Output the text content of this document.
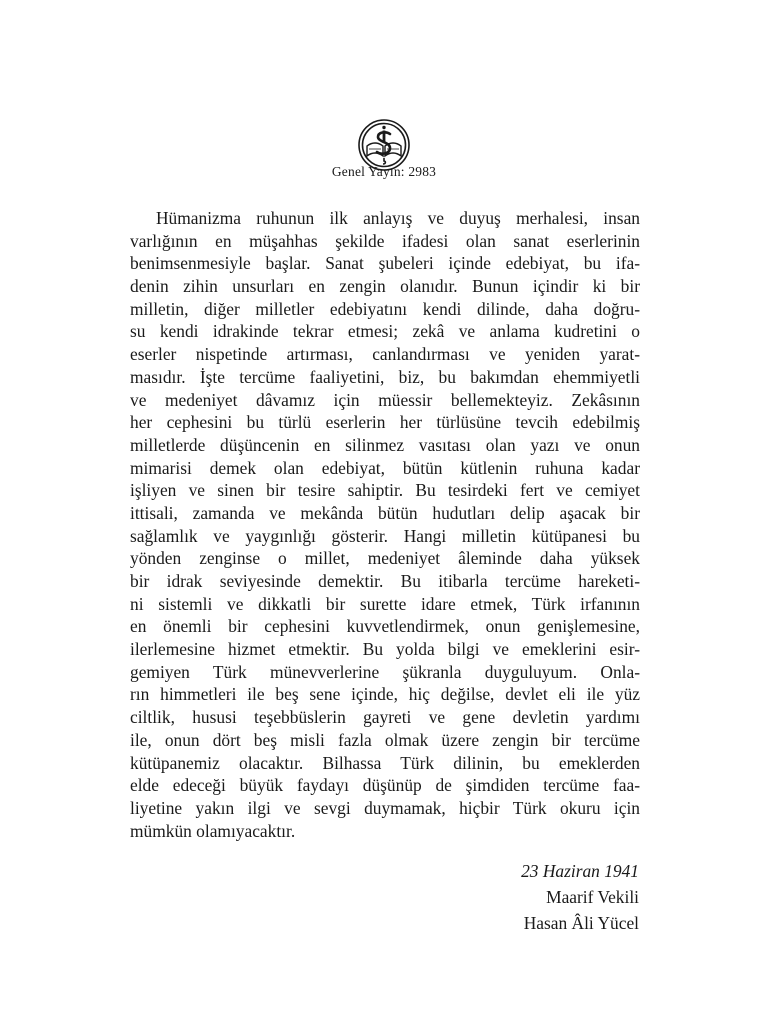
Genel Yayın: 2983
Hümanizma ruhunun ilk anlayış ve duyuş merhalesi, insan
varlığının en müşahhas şekilde ifadesi olan sanat eserlerinin
benimsenmesiyle başlar. Sanat şubeleri içinde edebiyat, bu ifa-
denin zihin unsurları en zengin olanıdır. Bunun içindir ki bir
milletin, diğer milletler edebiyatını kendi dilinde, daha doğru-
su kendi idrakinde tekrar etmesi; zekâ ve anlama kudretini o
eserler nispetinde artırması, canlandırması ve yeniden yarat-
masıdır. İşte tercüme faaliyetini, biz, bu bakımdan ehemmiyetli
ve medeniyet dâvamız için müessir bellemekteyiz. Zekâsının
her cephesini bu türlü eserlerin her türlüsüne tevcih edebilmiş
milletlerde düşüncenin en silinmez vasıtası olan yazı ve onun
mimarisi demek olan edebiyat, bütün kütlenin ruhuna kadar
işliyen ve sinen bir tesire sahiptir. Bu tesirdeki fert ve cemiyet
ittisali, zamanda ve mekânda bütün hudutları delip aşacak bir
sağlamlık ve yaygınlığı gösterir. Hangi milletin kütüpanesi bu
yönden zenginse o millet, medeniyet âleminde daha yüksek
bir idrak seviyesinde demektir. Bu itibarla tercüme hareketi-
ni sistemli ve dikkatli bir surette idare etmek, Türk irfanının
en önemli bir cephesini kuvvetlendirmek, onun genişlemesine,
ilerlemesine hizmet etmektir. Bu yolda bilgi ve emeklerini esir-
gemiyen Türk münevverlerine şükranla duyguluyum. Onla-
rın himmetleri ile beş sene içinde, hiç değilse, devlet eli ile yüz
ciltlik, hususi teşebbüslerin gayreti ve gene devletin yardımı
ile, onun dört beş misli fazla olmak üzere zengin bir tercüme
kütüpanemiz olacaktır. Bilhassa Türk dilinin, bu emeklerden
elde edeceği büyük faydayı düşünüp de şimdiden tercüme faa-
liyetine yakın ilgi ve sevgi duymamak, hiçbir Türk okuru için
mümkün olamıyacaktır.
23 Haziran 1941
Maarif Vekili
Hasan Âli Yücel
